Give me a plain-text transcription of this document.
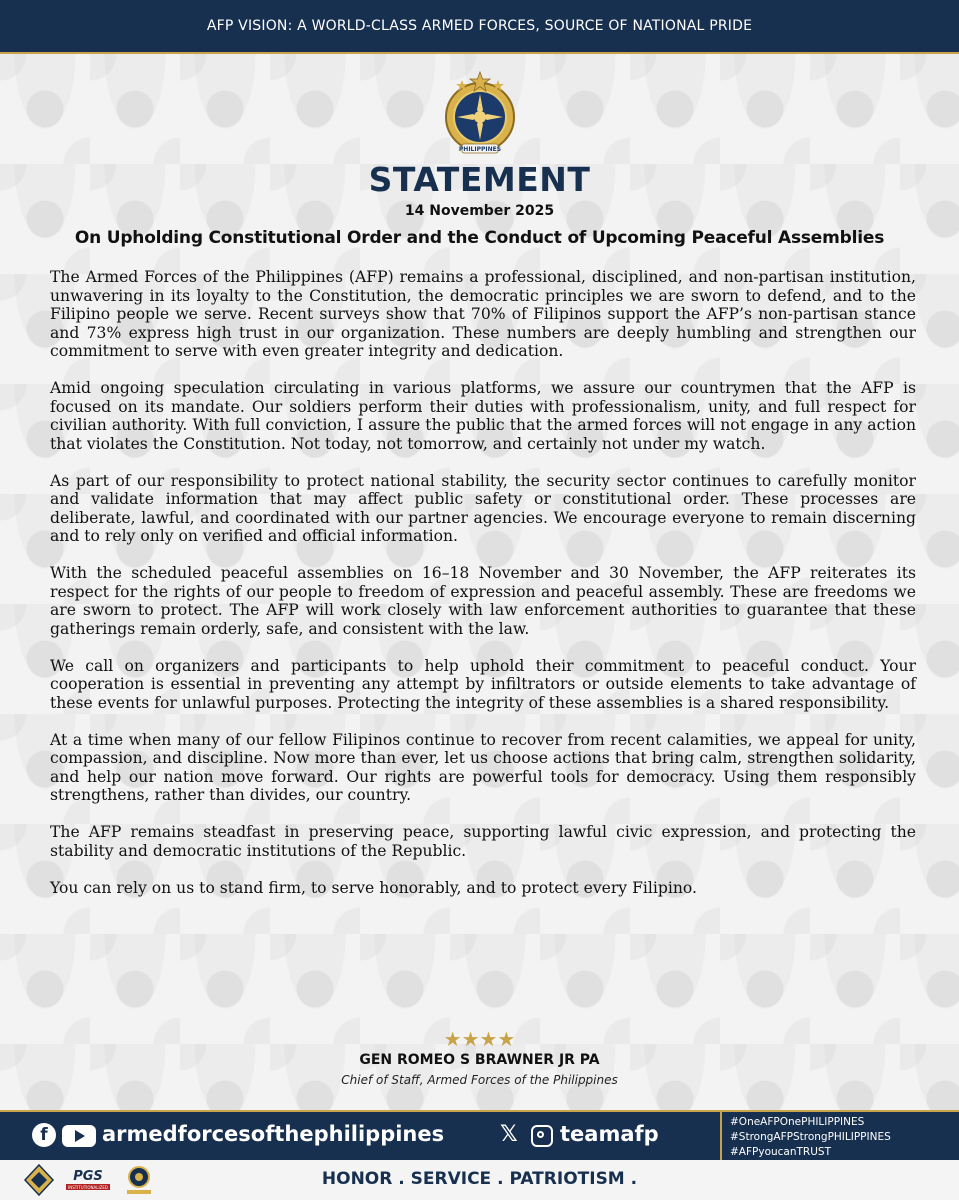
AFP VISION: A WORLD-CLASS ARMED FORCES, SOURCE OF NATIONAL PRIDE
PHILIPPINES
STATEMENT
14 November 2025
On Upholding Constitutional Order and the Conduct of Upcoming Peaceful Assemblies

The Armed Forces of the Philippines (AFP) remains a professional, disciplined, and non-partisan institution, unwavering in its loyalty to the Constitution, the democratic principles we are sworn to defend, and to the Filipino people we serve. Recent surveys show that 70% of Filipinos support the AFP’s non-partisan stance and 73% express high trust in our organization. These numbers are deeply humbling and strengthen our commitment to serve with even greater integrity and dedication.

Amid ongoing speculation circulating in various platforms, we assure our countrymen that the AFP is focused on its mandate. Our soldiers perform their duties with professionalism, unity, and full respect for civilian authority. With full conviction, I assure the public that the armed forces will not engage in any action that violates the Constitution. Not today, not tomorrow, and certainly not under my watch.

As part of our responsibility to protect national stability, the security sector continues to carefully monitor and validate information that may affect public safety or constitutional order. These processes are deliberate, lawful, and coordinated with our partner agencies. We encourage everyone to remain discerning and to rely only on verified and official information.

With the scheduled peaceful assemblies on 16–18 November and 30 November, the AFP reiterates its respect for the rights of our people to freedom of expression and peaceful assembly. These are freedoms we are sworn to protect. The AFP will work closely with law enforcement authorities to guarantee that these gatherings remain orderly, safe, and consistent with the law.

We call on organizers and participants to help uphold their commitment to peaceful conduct. Your cooperation is essential in preventing any attempt by infiltrators or outside elements to take advantage of these events for unlawful purposes. Protecting the integrity of these assemblies is a shared responsibility.

At a time when many of our fellow Filipinos continue to recover from recent calamities, we appeal for unity, compassion, and discipline. Now more than ever, let us choose actions that bring calm, strengthen solidarity, and help our nation move forward. Our rights are powerful tools for democracy. Using them responsibly strengthens, rather than divides, our country.

The AFP remains steadfast in preserving peace, supporting lawful civic expression, and protecting the stability and democratic institutions of the Republic.

You can rely on us to stand firm, to serve honorably, and to protect every Filipino.

★★★★
GEN ROMEO S BRAWNER JR PA
Chief of Staff, Armed Forces of the Philippines
f	armedforcesofthephilippines	𝕏 teamafp	#OneAFPOnePHILIPPINES
#StrongAFPStrongPHILIPPINES
#AFPyoucanTRUST
PGS
INSTITUTIONALIZED	HONOR . SERVICE . PATRIOTISM .
